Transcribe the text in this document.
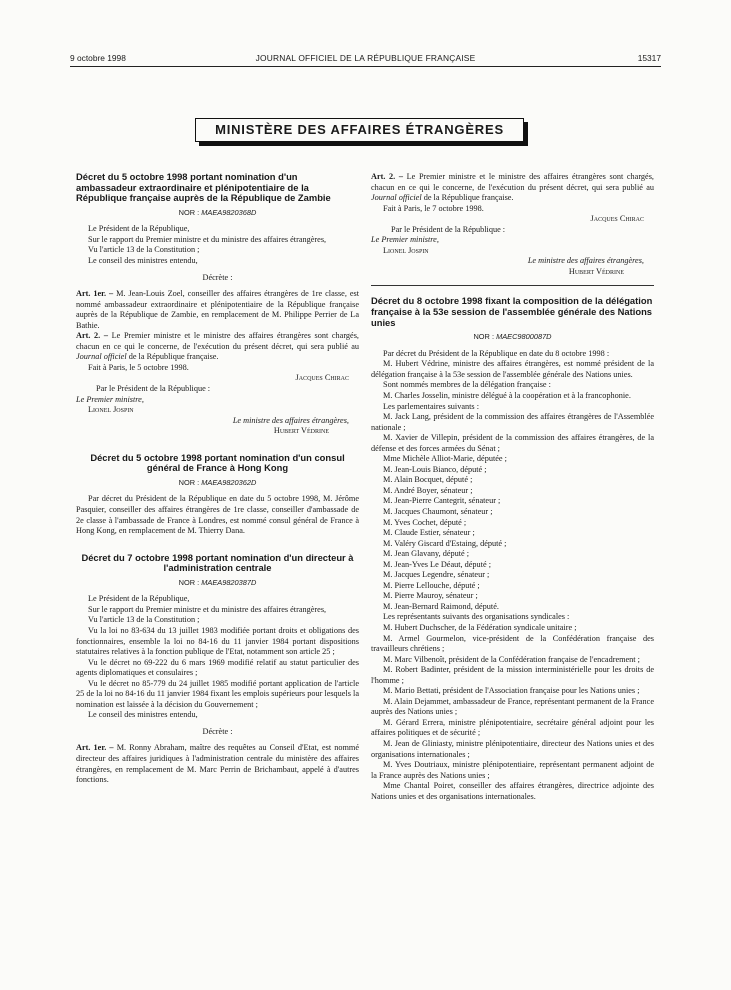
9 octobre 1998	JOURNAL OFFICIEL DE LA RÉPUBLIQUE FRANÇAISE	15317
MINISTÈRE DES AFFAIRES ÉTRANGÈRES
Décret du 5 octobre 1998 portant nomination d'un ambassadeur extraordinaire et plénipotentiaire de la République française auprès de la République de Zambie
NOR : MAEA9820368D

Le Président de la République,

Sur le rapport du Premier ministre et du ministre des affaires étrangères,

Vu l'article 13 de la Constitution ;

Le conseil des ministres entendu,

Décrète :

Art. 1er. – M. Jean-Louis Zoel, conseiller des affaires étrangères de 1re classe, est nommé ambassadeur extraordinaire et plénipotentiaire de la République française auprès de la République de Zambie, en remplacement de M. Philippe Perrier de La Bathie.

Art. 2. – Le Premier ministre et le ministre des affaires étrangères sont chargés, chacun en ce qui le concerne, de l'exécution du présent décret, qui sera publié au Journal officiel de la République française.

Fait à Paris, le 5 octobre 1998.

Jacques Chirac

Par le Président de la République :

Le Premier ministre,

Lionel Jospin

Le ministre des affaires étrangères,

Hubert Védrine

Décret du 5 octobre 1998 portant nomination d'un consul général de France à Hong Kong
NOR : MAEA9820362D

Par décret du Président de la République en date du 5 octobre 1998, M. Jérôme Pasquier, conseiller des affaires étrangères de 1re classe, conseiller d'ambassade de 2e classe à l'ambassade de France à Londres, est nommé consul général de France à Hong Kong, en remplacement de M. Thierry Dana.

Décret du 7 octobre 1998 portant nomination d'un directeur à l'administration centrale
NOR : MAEA9820387D

Le Président de la République,

Sur le rapport du Premier ministre et du ministre des affaires étrangères,

Vu l'article 13 de la Constitution ;

Vu la loi no 83-634 du 13 juillet 1983 modifiée portant droits et obligations des fonctionnaires, ensemble la loi no 84-16 du 11 janvier 1984 portant dispositions statutaires relatives à la fonction publique de l'Etat, notamment son article 25 ;

Vu le décret no 69-222 du 6 mars 1969 modifié relatif au statut particulier des agents diplomatiques et consulaires ;

Vu le décret no 85-779 du 24 juillet 1985 modifié portant application de l'article 25 de la loi no 84-16 du 11 janvier 1984 fixant les emplois supérieurs pour lesquels la nomination est laissée à la décision du Gouvernement ;

Le conseil des ministres entendu,

Décrète :

Art. 1er. – M. Ronny Abraham, maître des requêtes au Conseil d'Etat, est nommé directeur des affaires juridiques à l'administration centrale du ministère des affaires étrangères, en remplacement de M. Marc Perrin de Brichambaut, appelé à d'autres fonctions.

Art. 2. – Le Premier ministre et le ministre des affaires étrangères sont chargés, chacun en ce qui le concerne, de l'exécution du présent décret, qui sera publié au Journal officiel de la République française.

Fait à Paris, le 7 octobre 1998.

Jacques Chirac

Par le Président de la République :

Le Premier ministre,

Lionel Jospin

Le ministre des affaires étrangères,

Hubert Védrine

Décret du 8 octobre 1998 fixant la composition de la délégation française à la 53e session de l'assemblée générale des Nations unies
NOR : MAEC9800087D

Par décret du Président de la République en date du 8 octobre 1998 :

M. Hubert Védrine, ministre des affaires étrangères, est nommé président de la délégation française à la 53e session de l'assemblée générale des Nations unies.

Sont nommés membres de la délégation française :

M. Charles Josselin, ministre délégué à la coopération et à la francophonie.

Les parlementaires suivants :

M. Jack Lang, président de la commission des affaires étrangères de l'Assemblée nationale ;

M. Xavier de Villepin, président de la commission des affaires étrangères, de la défense et des forces armées du Sénat ;

Mme Michèle Alliot-Marie, députée ;

M. Jean-Louis Bianco, député ;

M. Alain Bocquet, député ;

M. André Boyer, sénateur ;

M. Jean-Pierre Cantegrit, sénateur ;

M. Jacques Chaumont, sénateur ;

M. Yves Cochet, député ;

M. Claude Estier, sénateur ;

M. Valéry Giscard d'Estaing, député ;

M. Jean Glavany, député ;

M. Jean-Yves Le Déaut, député ;

M. Jacques Legendre, sénateur ;

M. Pierre Lellouche, député ;

M. Pierre Mauroy, sénateur ;

M. Jean-Bernard Raimond, député.

Les représentants suivants des organisations syndicales :

M. Hubert Duchscher, de la Fédération syndicale unitaire ;

M. Armel Gourmelon, vice-président de la Confédération française des travailleurs chrétiens ;

M. Marc Vilbenoît, président de la Confédération française de l'encadrement ;

M. Robert Badinter, président de la mission interministérielle pour les droits de l'homme ;

M. Mario Bettati, président de l'Association française pour les Nations unies ;

M. Alain Dejammet, ambassadeur de France, représentant permanent de la France auprès des Nations unies ;

M. Gérard Errera, ministre plénipotentiaire, secrétaire général adjoint pour les affaires politiques et de sécurité ;

M. Jean de Gliniasty, ministre plénipotentiaire, directeur des Nations unies et des organisations internationales ;

M. Yves Doutriaux, ministre plénipotentiaire, représentant permanent adjoint de la France auprès des Nations unies ;

Mme Chantal Poiret, conseiller des affaires étrangères, directrice adjointe des Nations unies et des organisations internationales.
